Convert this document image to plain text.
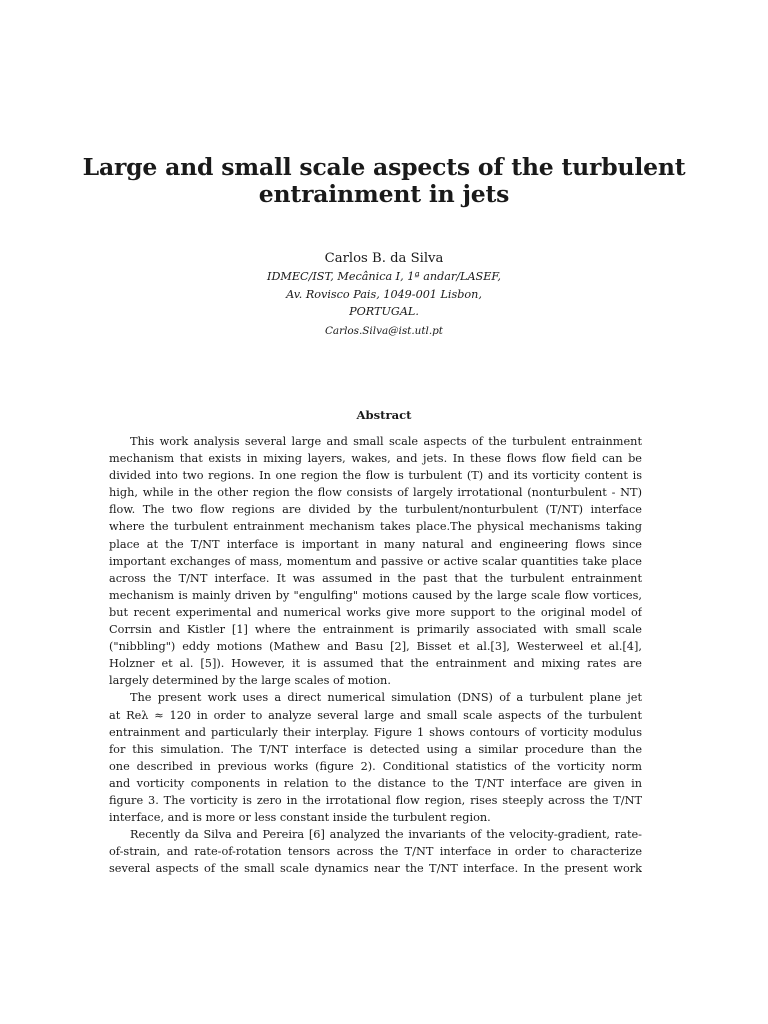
Large and small scale aspects of the turbulent
entrainment in jets
Carlos B. da Silva
IDMEC/IST, Mecânica I, 1ª andar/LASEF,
Av. Rovisco Pais, 1049-001 Lisbon,
PORTUGAL.
Carlos.Silva@ist.utl.pt
Abstract
This work analysis several large and small scale aspects of the turbulent entrainment
mechanism that exists in mixing layers, wakes, and jets. In these flows flow field can be
divided into two regions. In one region the flow is turbulent (T) and its vorticity content is
high, while in the other region the flow consists of largely irrotational (nonturbulent - NT)
flow. The two flow regions are divided by the turbulent/nonturbulent (T/NT) interface
where the turbulent entrainment mechanism takes place.The physical mechanisms taking
place at the T/NT interface is important in many natural and engineering flows since
important exchanges of mass, momentum and passive or active scalar quantities take place
across the T/NT interface. It was assumed in the past that the turbulent entrainment
mechanism is mainly driven by "engulfing" motions caused by the large scale flow vortices,
but recent experimental and numerical works give more support to the original model of
Corrsin and Kistler [1] where the entrainment is primarily associated with small scale
("nibbling") eddy motions (Mathew and Basu [2], Bisset et al.[3], Westerweel et al.[4],
Holzner et al. [5]). However, it is assumed that the entrainment and mixing rates are
largely determined by the large scales of motion.
The present work uses a direct numerical simulation (DNS) of a turbulent plane jet
at Reλ ≈ 120 in order to analyze several large and small scale aspects of the turbulent
entrainment and particularly their interplay. Figure 1 shows contours of vorticity modulus
for this simulation. The T/NT interface is detected using a similar procedure than the
one described in previous works (figure 2). Conditional statistics of the vorticity norm
and vorticity components in relation to the distance to the T/NT interface are given in
figure 3. The vorticity is zero in the irrotational flow region, rises steeply across the T/NT
interface, and is more or less constant inside the turbulent region.
Recently da Silva and Pereira [6] analyzed the invariants of the velocity-gradient, rate-
of-strain, and rate-of-rotation tensors across the T/NT interface in order to characterize
several aspects of the small scale dynamics near the T/NT interface. In the present work
